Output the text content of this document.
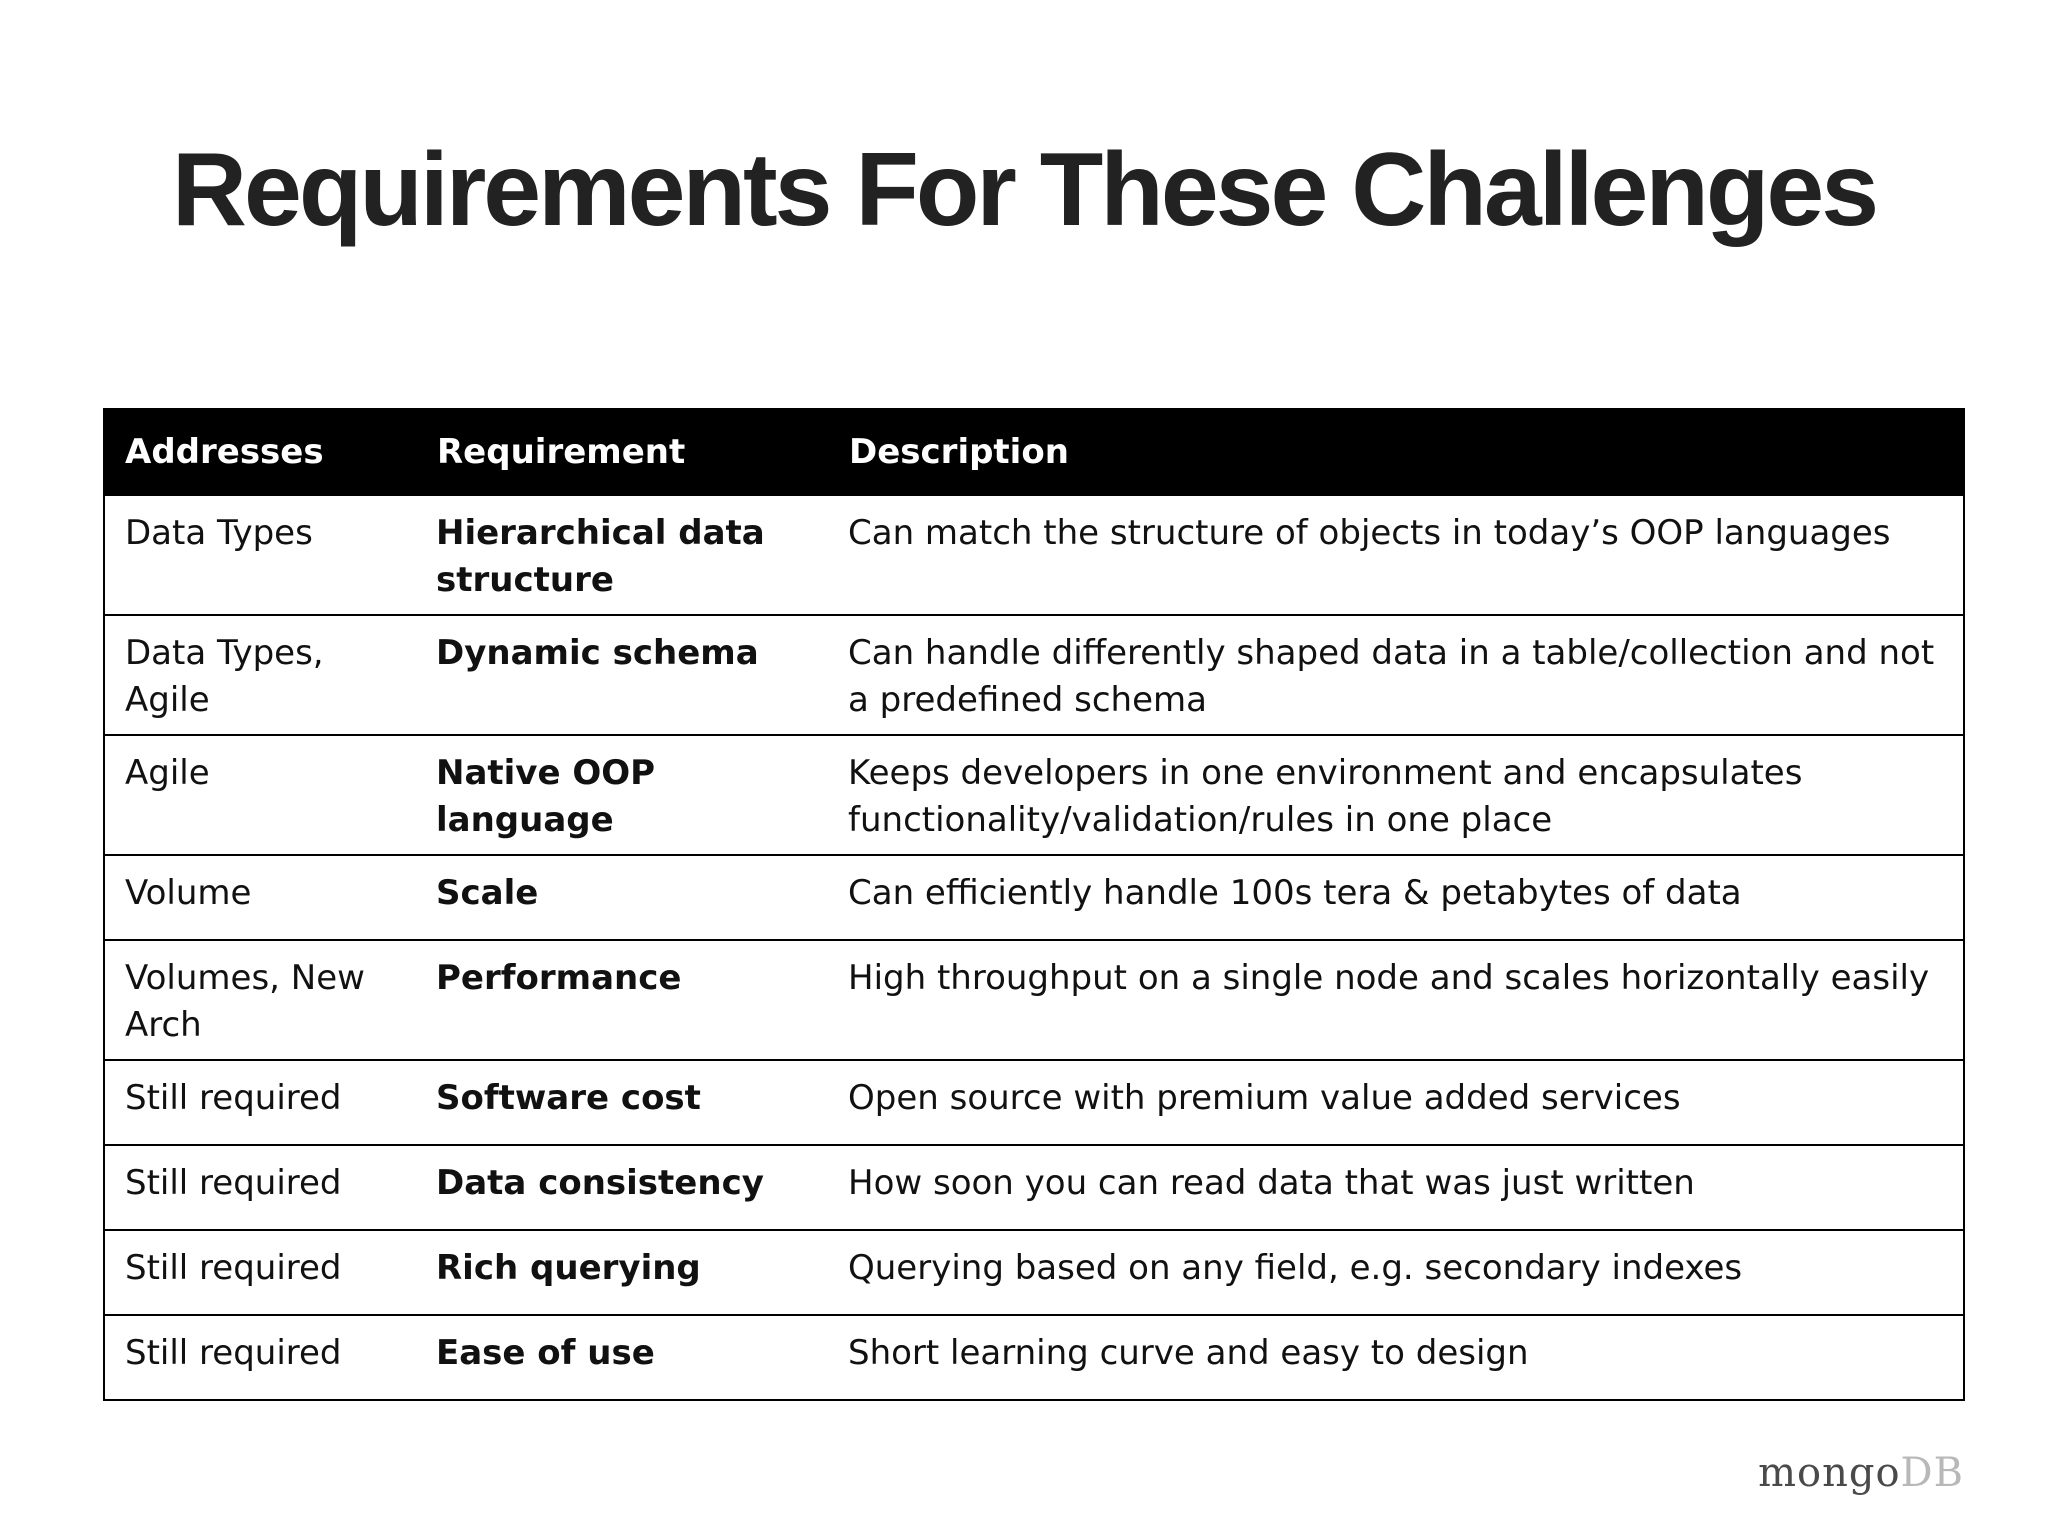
Requirements For These Challenges
Addresses	Requirement	Description
Data Types	Hierarchical data structure	Can match the structure of objects in today’s OOP languages
Data Types, Agile	Dynamic schema	Can handle differently shaped data in a table/collection and not a predefined schema
Agile	Native OOP language	Keeps developers in one environment and encapsulates functionality/validation/rules in one place
Volume	Scale	Can efficiently handle 100s tera & petabytes of data
Volumes, New Arch	Performance	High throughput on a single node and scales horizontally easily
Still required	Software cost	Open source with premium value added services
Still required	Data consistency	How soon you can read data that was just written
Still required	Rich querying	Querying based on any field, e.g. secondary indexes
Still required	Ease of use	Short learning curve and easy to design
mongoDB
